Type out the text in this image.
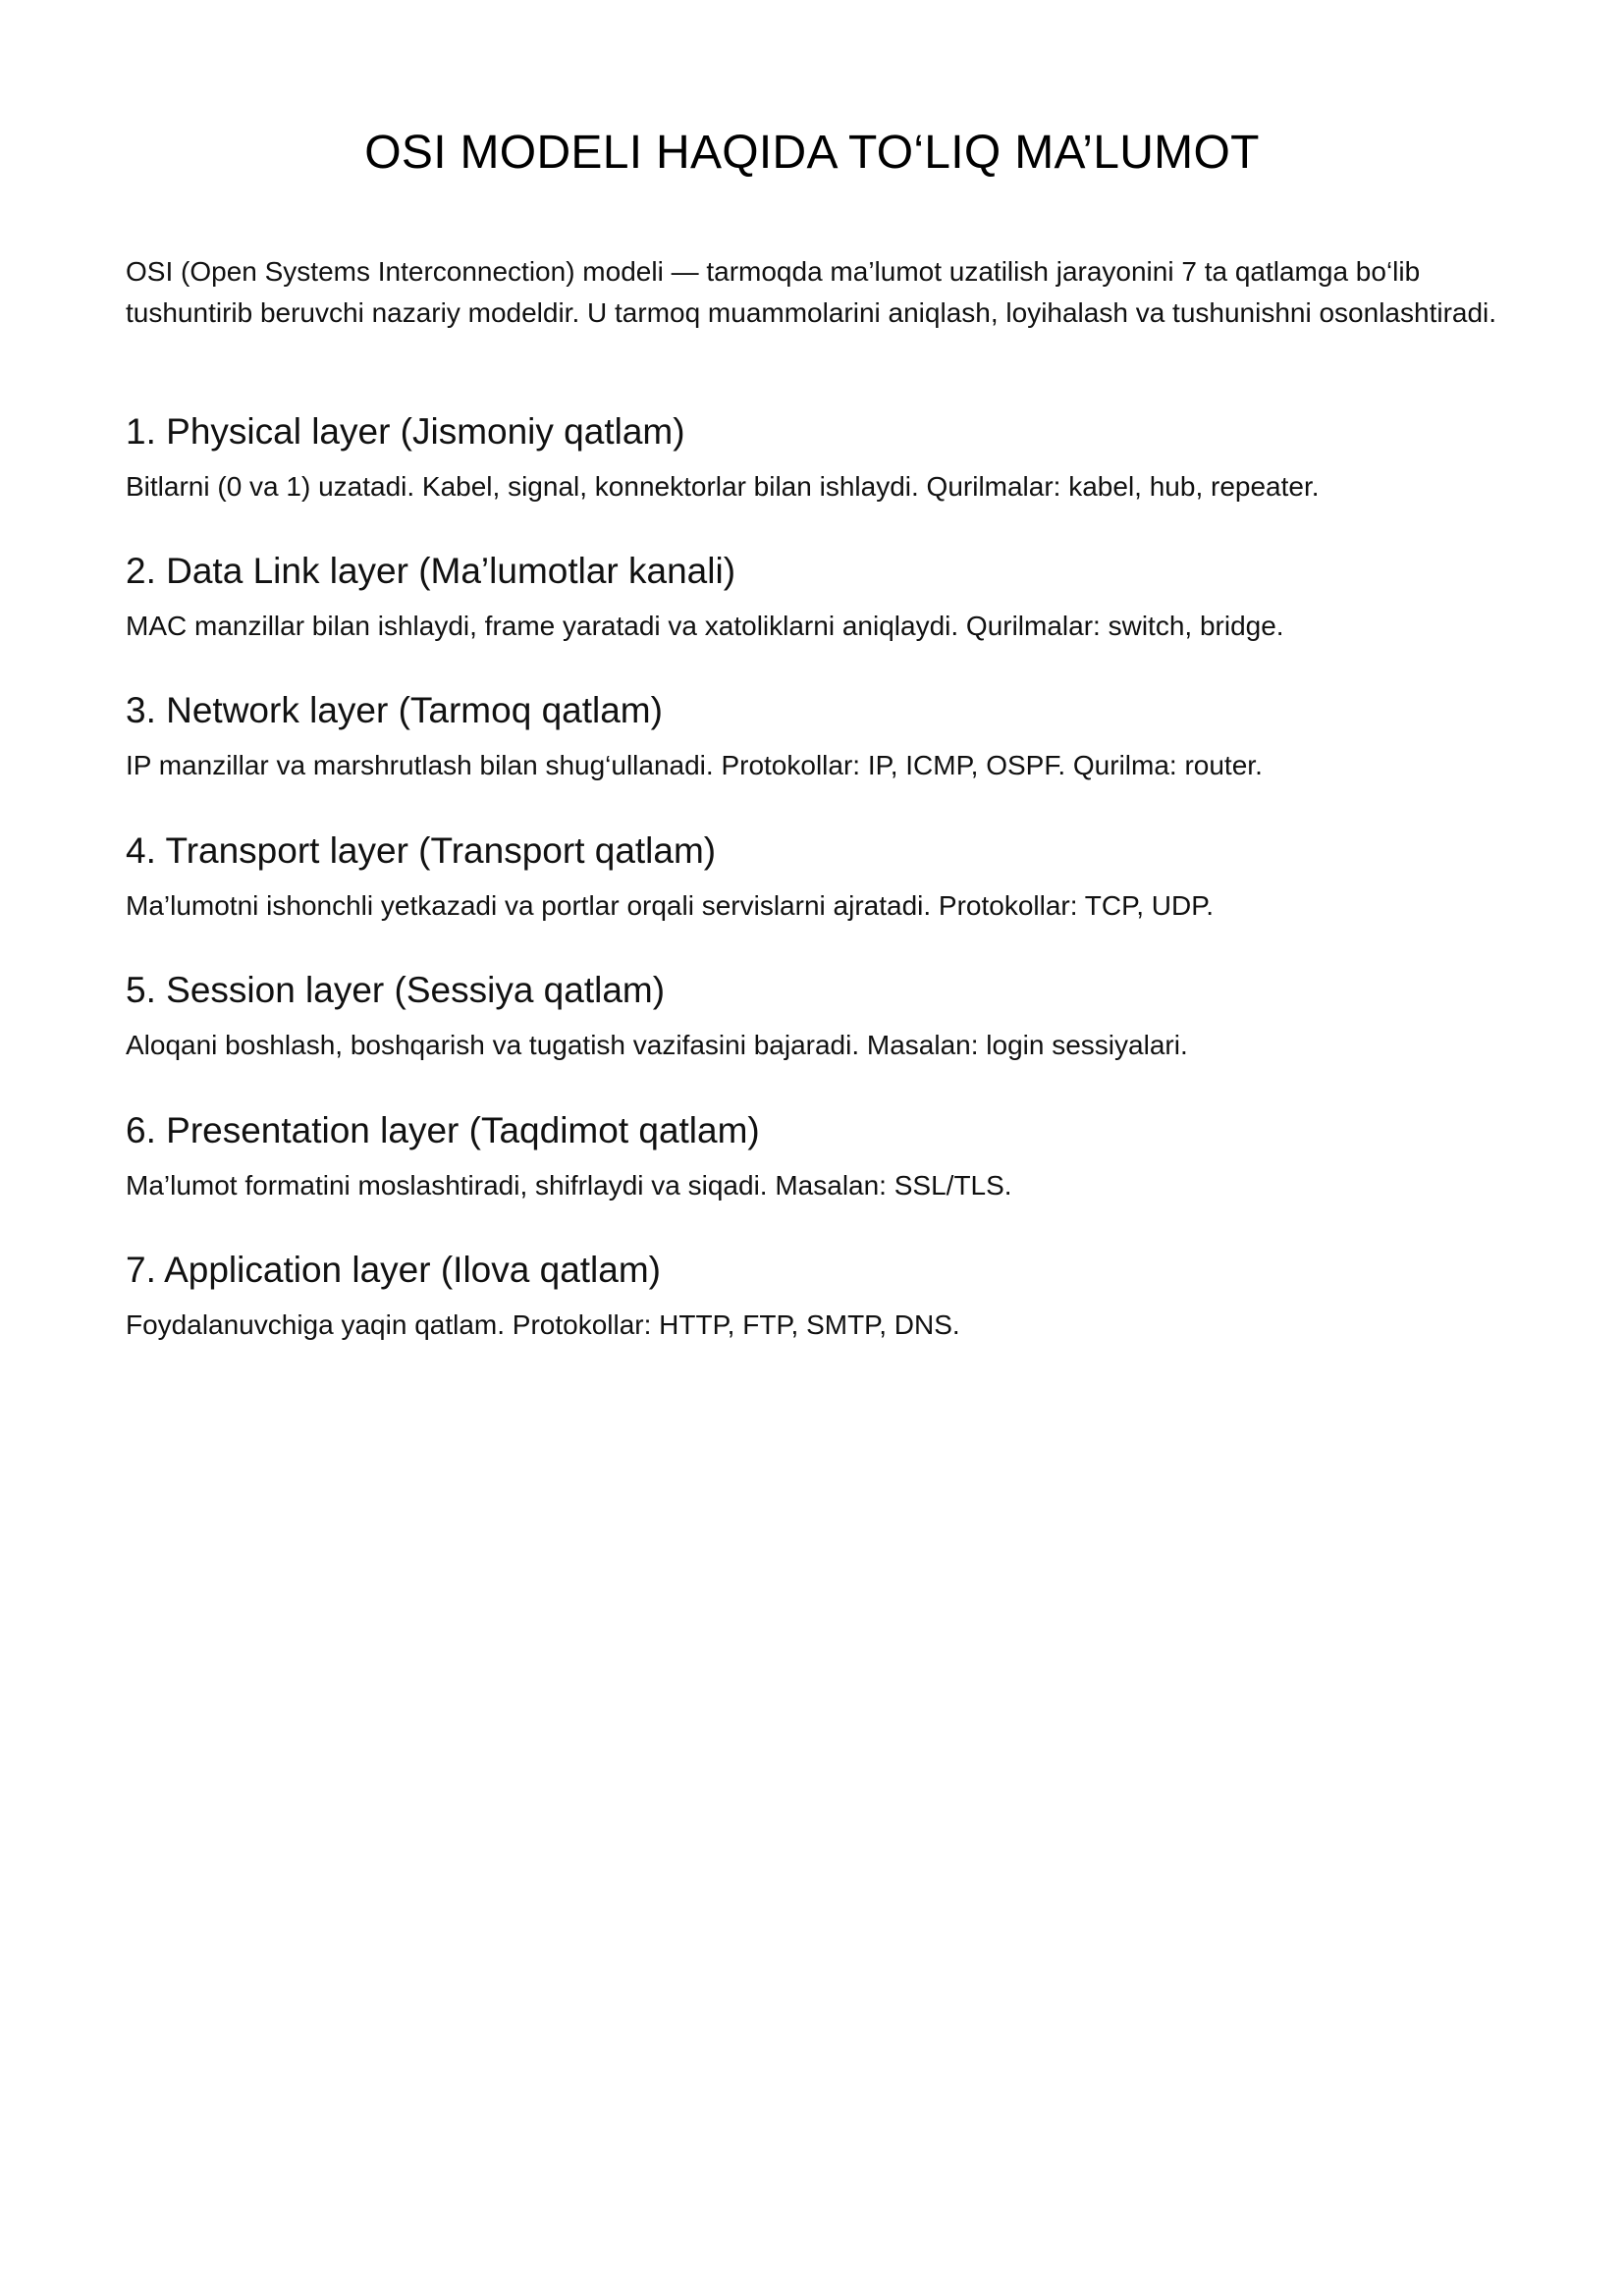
OSI MODELI HAQIDA TO‘LIQ MA’LUMOT

OSI (Open Systems Interconnection) modeli — tarmoqda ma’lumot uzatilish jarayonini 7 ta qatlamga bo‘lib tushuntirib beruvchi nazariy modeldir. U tarmoq muammolarini aniqlash, loyihalash va tushunishni osonlashtiradi.

1. Physical layer (Jismoniy qatlam)

Bitlarni (0 va 1) uzatadi. Kabel, signal, konnektorlar bilan ishlaydi. Qurilmalar: kabel, hub, repeater.

2. Data Link layer (Ma’lumotlar kanali)

MAC manzillar bilan ishlaydi, frame yaratadi va xatoliklarni aniqlaydi. Qurilmalar: switch, bridge.

3. Network layer (Tarmoq qatlam)

IP manzillar va marshrutlash bilan shug‘ullanadi. Protokollar: IP, ICMP, OSPF. Qurilma: router.

4. Transport layer (Transport qatlam)

Ma’lumotni ishonchli yetkazadi va portlar orqali servislarni ajratadi. Protokollar: TCP, UDP.

5. Session layer (Sessiya qatlam)

Aloqani boshlash, boshqarish va tugatish vazifasini bajaradi. Masalan: login sessiyalari.

6. Presentation layer (Taqdimot qatlam)

Ma’lumot formatini moslashtiradi, shifrlaydi va siqadi. Masalan: SSL/TLS.

7. Application layer (Ilova qatlam)

Foydalanuvchiga yaqin qatlam. Protokollar: HTTP, FTP, SMTP, DNS.
